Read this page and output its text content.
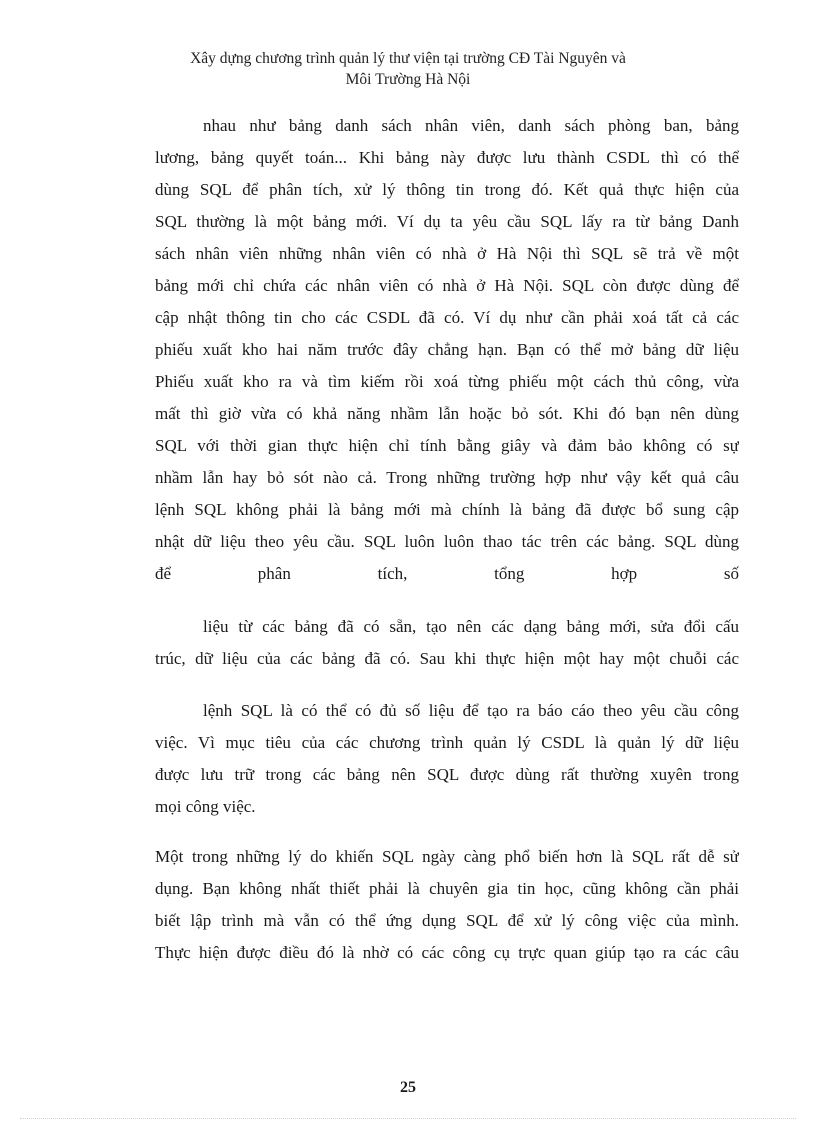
Xây dựng chương trình quản lý thư viện tại trường CĐ Tài Nguyên và
Môi Trường Hà Nội
nhau như bảng danh sách nhân viên, danh sách phòng ban, bảng
lương, bảng quyết toán... Khi bảng này được lưu thành CSDL thì có thể
dùng SQL để phân tích, xử lý thông tin trong đó. Kết quả thực hiện của
SQL thường là một bảng mới. Ví dụ ta yêu cầu SQL lấy ra từ bảng Danh
sách nhân viên những nhân viên có nhà ở Hà Nội thì SQL sẽ trả về một
bảng mới chỉ chứa các nhân viên có nhà ở Hà Nội. SQL còn được dùng để
cập nhật thông tin cho các CSDL đã có. Ví dụ như cần phải xoá tất cả các
phiếu xuất kho hai năm trước đây chẳng hạn. Bạn có thể mở bảng dữ liệu
Phiếu xuất kho ra và tìm kiếm rồi xoá từng phiếu một cách thủ công, vừa
mất thì giờ vừa có khả năng nhầm lẫn hoặc bỏ sót. Khi đó bạn nên dùng
SQL với thời gian thực hiện chỉ tính bằng giây và đảm bảo không có sự
nhầm lẫn hay bỏ sót nào cả. Trong những trường hợp như vậy kết quả câu
lệnh SQL không phải là bảng mới mà chính là bảng đã được bổ sung cập
nhật dữ liệu theo yêu cầu. SQL luôn luôn thao tác trên các bảng. SQL dùng
để phân tích, tổng hợp số
liệu từ các bảng đã có sẵn, tạo nên các dạng bảng mới, sửa đổi cấu
trúc, dữ liệu của các bảng đã có. Sau khi thực hiện một hay một chuỗi các
lệnh SQL là có thể có đủ số liệu để tạo ra báo cáo theo yêu cầu công
việc. Vì mục tiêu của các chương trình quản lý CSDL là quản lý dữ liệu
được lưu trữ trong các bảng nên SQL được dùng rất thường xuyên trong
mọi công việc.
Một trong những lý do khiến SQL ngày càng phổ biến hơn là SQL rất dễ sử
dụng. Bạn không nhất thiết phải là chuyên gia tin học, cũng không cần phải
biết lập trình mà vẫn có thể ứng dụng SQL để xử lý công việc của mình.
Thực hiện được điều đó là nhờ có các công cụ trực quan giúp tạo ra các câu
25
